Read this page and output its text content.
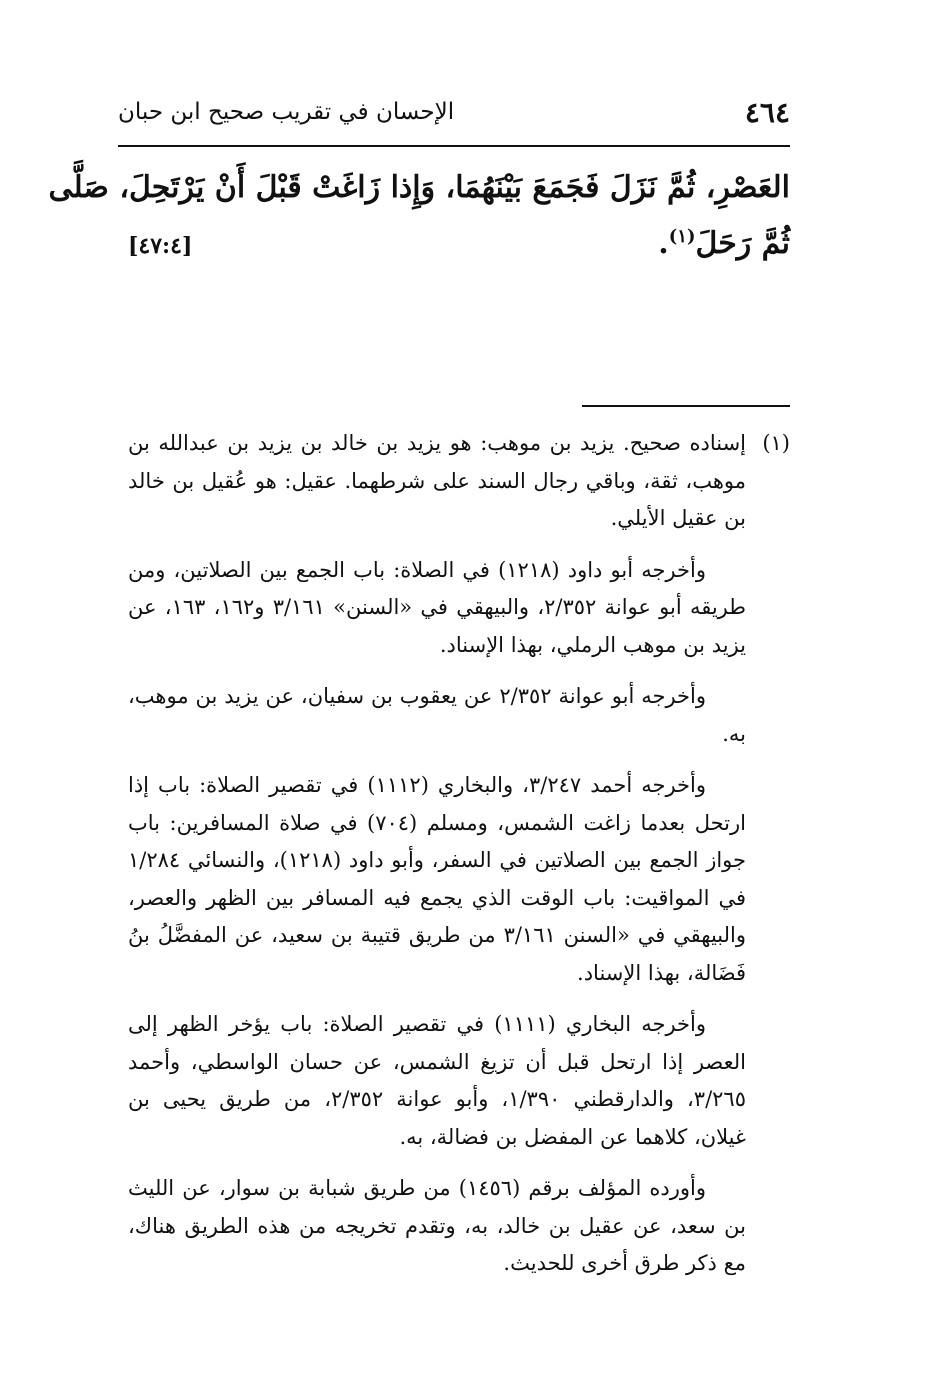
٤٦٤
الإحسان في تقريب صحيح ابن حبان
العَصْرِ، ثُمَّ نَزَلَ فَجَمَعَ بَيْنَهُمَا، وَإِذا زَاغَتْ قَبْلَ أَنْ يَرْتَحِلَ، صَلَّى
ثُمَّ رَحَلَ$^{(١)}$.
[٤٧:٤]
(١)

إسناده صحيح. يزيد بن موهب: هو يزيد بن خالد بن يزيد بن عبدالله بن موهب، ثقة، وباقي رجال السند على شرطهما. عقيل: هو عُقيل بن خالد بن عقيل الأيلي.

وأخرجه أبو داود (١٢١٨) في الصلاة: باب الجمع بين الصلاتين، ومن طريقه أبو عوانة ٢/٣٥٢، والبيهقي في «السنن» ٣/١٦١ و١٦٢، ١٦٣، عن يزيد بن موهب الرملي، بهذا الإسناد.

وأخرجه أبو عوانة ٢/٣٥٢ عن يعقوب بن سفيان، عن يزيد بن موهب، به.

وأخرجه أحمد ٣/٢٤٧، والبخاري (١١١٢) في تقصير الصلاة: باب إذا ارتحل بعدما زاغت الشمس، ومسلم (٧٠٤) في صلاة المسافرين: باب جواز الجمع بين الصلاتين في السفر، وأبو داود (١٢١٨)، والنسائي ١/٢٨٤ في المواقيت: باب الوقت الذي يجمع فيه المسافر بين الظهر والعصر، والبيهقي في «السنن ٣/١٦١ من طريق قتيبة بن سعيد، عن المفضَّلُ بنُ فَضَالة، بهذا الإسناد.

وأخرجه البخاري (١١١١) في تقصير الصلاة: باب يؤخر الظهر إلى العصر إذا ارتحل قبل أن تزيغ الشمس، عن حسان الواسطي، وأحمد ٣/٢٦٥، والدارقطني ١/٣٩٠، وأبو عوانة ٢/٣٥٢، من طريق يحيى بن غيلان، كلاهما عن المفضل بن فضالة، به.

وأورده المؤلف برقم (١٤٥٦) من طريق شبابة بن سوار، عن الليث بن سعد، عن عقيل بن خالد، به، وتقدم تخريجه من هذه الطريق هناك، مع ذكر طرق أخرى للحديث.
